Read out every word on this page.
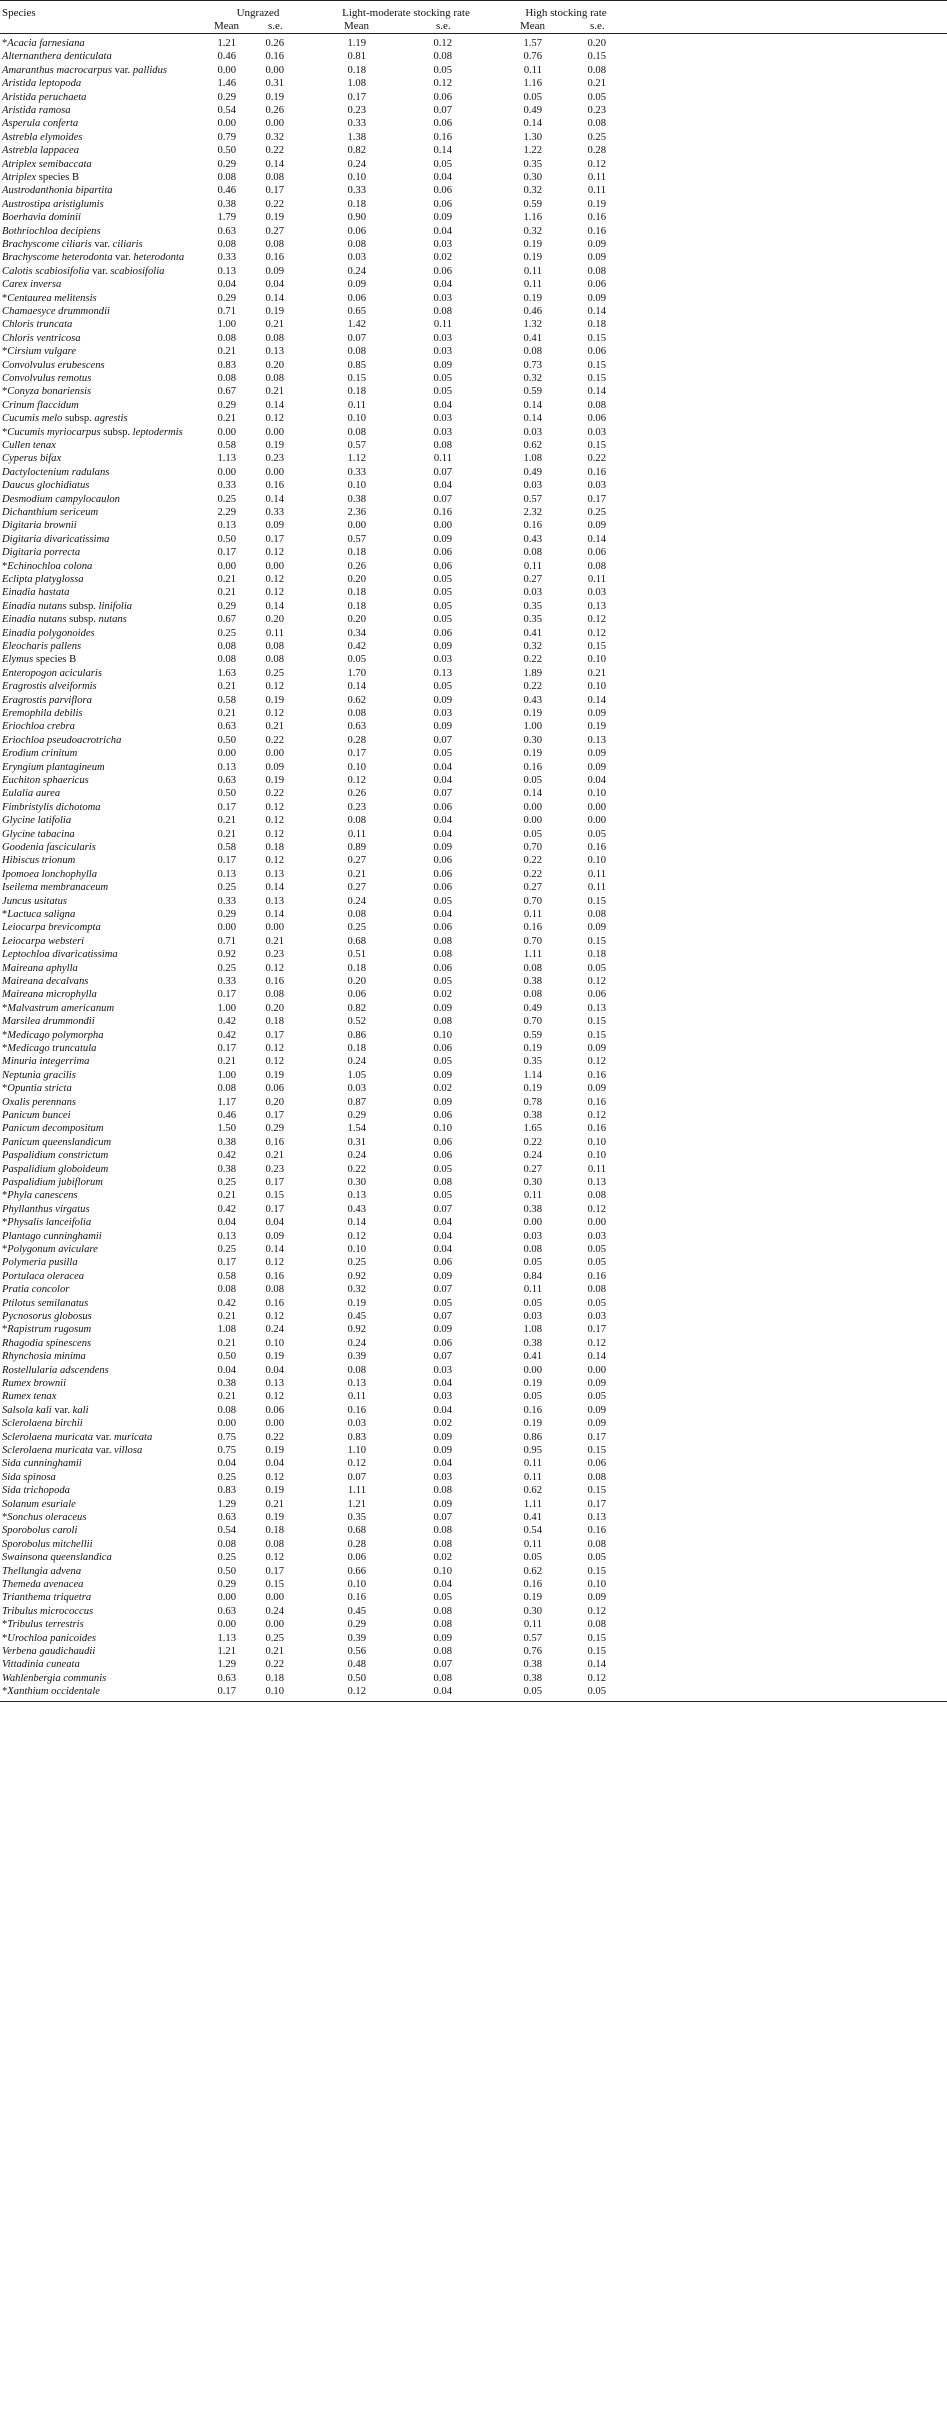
Species	Ungrazed	Light-moderate stocking rate	High stocking rate
Mean	s.e.	Mean	s.e.	Mean	s.e.
*Acacia farnesiana	1.21	0.26	1.19	0.12	1.57	0.20
Alternanthera denticulata	0.46	0.16	0.81	0.08	0.76	0.15
Amaranthus macrocarpus var. pallidus	0.00	0.00	0.18	0.05	0.11	0.08
Aristida leptopoda	1.46	0.31	1.08	0.12	1.16	0.21
Aristida peruchaeta	0.29	0.19	0.17	0.06	0.05	0.05
Aristida ramosa	0.54	0.26	0.23	0.07	0.49	0.23
Asperula conferta	0.00	0.00	0.33	0.06	0.14	0.08
Astrebla elymoides	0.79	0.32	1.38	0.16	1.30	0.25
Astrebla lappacea	0.50	0.22	0.82	0.14	1.22	0.28
Atriplex semibaccata	0.29	0.14	0.24	0.05	0.35	0.12
Atriplex species B	0.08	0.08	0.10	0.04	0.30	0.11
Austrodanthonia bipartita	0.46	0.17	0.33	0.06	0.32	0.11
Austrostipa aristiglumis	0.38	0.22	0.18	0.06	0.59	0.19
Boerhavia dominii	1.79	0.19	0.90	0.09	1.16	0.16
Bothriochloa decipiens	0.63	0.27	0.06	0.04	0.32	0.16
Brachyscome ciliaris var. ciliaris	0.08	0.08	0.08	0.03	0.19	0.09
Brachyscome heterodonta var. heterodonta	0.33	0.16	0.03	0.02	0.19	0.09
Calotis scabiosifolia var. scabiosifolia	0.13	0.09	0.24	0.06	0.11	0.08
Carex inversa	0.04	0.04	0.09	0.04	0.11	0.06
*Centaurea melitensis	0.29	0.14	0.06	0.03	0.19	0.09
Chamaesyce drummondii	0.71	0.19	0.65	0.08	0.46	0.14
Chloris truncata	1.00	0.21	1.42	0.11	1.32	0.18
Chloris ventricosa	0.08	0.08	0.07	0.03	0.41	0.15
*Cirsium vulgare	0.21	0.13	0.08	0.03	0.08	0.06
Convolvulus erubescens	0.83	0.20	0.85	0.09	0.73	0.15
Convolvulus remotus	0.08	0.08	0.15	0.05	0.32	0.15
*Conyza bonariensis	0.67	0.21	0.18	0.05	0.59	0.14
Crinum flaccidum	0.29	0.14	0.11	0.04	0.14	0.08
Cucumis melo subsp. agrestis	0.21	0.12	0.10	0.03	0.14	0.06
*Cucumis myriocarpus subsp. leptodermis	0.00	0.00	0.08	0.03	0.03	0.03
Cullen tenax	0.58	0.19	0.57	0.08	0.62	0.15
Cyperus bifax	1.13	0.23	1.12	0.11	1.08	0.22
Dactyloctenium radulans	0.00	0.00	0.33	0.07	0.49	0.16
Daucus glochidiatus	0.33	0.16	0.10	0.04	0.03	0.03
Desmodium campylocaulon	0.25	0.14	0.38	0.07	0.57	0.17
Dichanthium sericeum	2.29	0.33	2.36	0.16	2.32	0.25
Digitaria brownii	0.13	0.09	0.00	0.00	0.16	0.09
Digitaria divaricatissima	0.50	0.17	0.57	0.09	0.43	0.14
Digitaria porrecta	0.17	0.12	0.18	0.06	0.08	0.06
*Echinochloa colona	0.00	0.00	0.26	0.06	0.11	0.08
Eclipta platyglossa	0.21	0.12	0.20	0.05	0.27	0.11
Einadia hastata	0.21	0.12	0.18	0.05	0.03	0.03
Einadia nutans subsp. linifolia	0.29	0.14	0.18	0.05	0.35	0.13
Einadia nutans subsp. nutans	0.67	0.20	0.20	0.05	0.35	0.12
Einadia polygonoides	0.25	0.11	0.34	0.06	0.41	0.12
Eleocharis pallens	0.08	0.08	0.42	0.09	0.32	0.15
Elymus species B	0.08	0.08	0.05	0.03	0.22	0.10
Enteropogon acicularis	1.63	0.25	1.70	0.13	1.89	0.21
Eragrostis alveiformis	0.21	0.12	0.14	0.05	0.22	0.10
Eragrostis parviflora	0.58	0.19	0.62	0.09	0.43	0.14
Eremophila debilis	0.21	0.12	0.08	0.03	0.19	0.09
Eriochloa crebra	0.63	0.21	0.63	0.09	1.00	0.19
Eriochloa pseudoacrotricha	0.50	0.22	0.28	0.07	0.30	0.13
Erodium crinitum	0.00	0.00	0.17	0.05	0.19	0.09
Eryngium plantagineum	0.13	0.09	0.10	0.04	0.16	0.09
Euchiton sphaericus	0.63	0.19	0.12	0.04	0.05	0.04
Eulalia aurea	0.50	0.22	0.26	0.07	0.14	0.10
Fimbristylis dichotoma	0.17	0.12	0.23	0.06	0.00	0.00
Glycine latifolia	0.21	0.12	0.08	0.04	0.00	0.00
Glycine tabacina	0.21	0.12	0.11	0.04	0.05	0.05
Goodenia fascicularis	0.58	0.18	0.89	0.09	0.70	0.16
Hibiscus trionum	0.17	0.12	0.27	0.06	0.22	0.10
Ipomoea lonchophylla	0.13	0.13	0.21	0.06	0.22	0.11
Iseilema membranaceum	0.25	0.14	0.27	0.06	0.27	0.11
Juncus usitatus	0.33	0.13	0.24	0.05	0.70	0.15
*Lactuca saligna	0.29	0.14	0.08	0.04	0.11	0.08
Leiocarpa brevicompta	0.00	0.00	0.25	0.06	0.16	0.09
Leiocarpa websteri	0.71	0.21	0.68	0.08	0.70	0.15
Leptochloa divaricatissima	0.92	0.23	0.51	0.08	1.11	0.18
Maireana aphylla	0.25	0.12	0.18	0.06	0.08	0.05
Maireana decalvans	0.33	0.16	0.20	0.05	0.38	0.12
Maireana microphylla	0.17	0.08	0.06	0.02	0.08	0.06
*Malvastrum americanum	1.00	0.20	0.82	0.09	0.49	0.13
Marsilea drummondii	0.42	0.18	0.52	0.08	0.70	0.15
*Medicago polymorpha	0.42	0.17	0.86	0.10	0.59	0.15
*Medicago truncatula	0.17	0.12	0.18	0.06	0.19	0.09
Minuria integerrima	0.21	0.12	0.24	0.05	0.35	0.12
Neptunia gracilis	1.00	0.19	1.05	0.09	1.14	0.16
*Opuntia stricta	0.08	0.06	0.03	0.02	0.19	0.09
Oxalis perennans	1.17	0.20	0.87	0.09	0.78	0.16
Panicum buncei	0.46	0.17	0.29	0.06	0.38	0.12
Panicum decompositum	1.50	0.29	1.54	0.10	1.65	0.16
Panicum queenslandicum	0.38	0.16	0.31	0.06	0.22	0.10
Paspalidium constrictum	0.42	0.21	0.24	0.06	0.24	0.10
Paspalidium globoideum	0.38	0.23	0.22	0.05	0.27	0.11
Paspalidium jubiflorum	0.25	0.17	0.30	0.08	0.30	0.13
*Phyla canescens	0.21	0.15	0.13	0.05	0.11	0.08
Phyllanthus virgatus	0.42	0.17	0.43	0.07	0.38	0.12
*Physalis lanceifolia	0.04	0.04	0.14	0.04	0.00	0.00
Plantago cunninghamii	0.13	0.09	0.12	0.04	0.03	0.03
*Polygonum aviculare	0.25	0.14	0.10	0.04	0.08	0.05
Polymeria pusilla	0.17	0.12	0.25	0.06	0.05	0.05
Portulaca oleracea	0.58	0.16	0.92	0.09	0.84	0.16
Pratia concolor	0.08	0.08	0.32	0.07	0.11	0.08
Ptilotus semilanatus	0.42	0.16	0.19	0.05	0.05	0.05
Pycnosorus globosus	0.21	0.12	0.45	0.07	0.03	0.03
*Rapistrum rugosum	1.08	0.24	0.92	0.09	1.08	0.17
Rhagodia spinescens	0.21	0.10	0.24	0.06	0.38	0.12
Rhynchosia minima	0.50	0.19	0.39	0.07	0.41	0.14
Rostellularia adscendens	0.04	0.04	0.08	0.03	0.00	0.00
Rumex brownii	0.38	0.13	0.13	0.04	0.19	0.09
Rumex tenax	0.21	0.12	0.11	0.03	0.05	0.05
Salsola kali var. kali	0.08	0.06	0.16	0.04	0.16	0.09
Sclerolaena birchii	0.00	0.00	0.03	0.02	0.19	0.09
Sclerolaena muricata var. muricata	0.75	0.22	0.83	0.09	0.86	0.17
Sclerolaena muricata var. villosa	0.75	0.19	1.10	0.09	0.95	0.15
Sida cunninghamii	0.04	0.04	0.12	0.04	0.11	0.06
Sida spinosa	0.25	0.12	0.07	0.03	0.11	0.08
Sida trichopoda	0.83	0.19	1.11	0.08	0.62	0.15
Solanum esuriale	1.29	0.21	1.21	0.09	1.11	0.17
*Sonchus oleraceus	0.63	0.19	0.35	0.07	0.41	0.13
Sporobolus caroli	0.54	0.18	0.68	0.08	0.54	0.16
Sporobolus mitchellii	0.08	0.08	0.28	0.08	0.11	0.08
Swainsona queenslandica	0.25	0.12	0.06	0.02	0.05	0.05
Thellungia advena	0.50	0.17	0.66	0.10	0.62	0.15
Themeda avenacea	0.29	0.15	0.10	0.04	0.16	0.10
Trianthema triquetra	0.00	0.00	0.16	0.05	0.19	0.09
Tribulus micrococcus	0.63	0.24	0.45	0.08	0.30	0.12
*Tribulus terrestris	0.00	0.00	0.29	0.08	0.11	0.08
*Urochloa panicoides	1.13	0.25	0.39	0.09	0.57	0.15
Verbena gaudichaudii	1.21	0.21	0.56	0.08	0.76	0.15
Vittadinia cuneata	1.29	0.22	0.48	0.07	0.38	0.14
Wahlenbergia communis	0.63	0.18	0.50	0.08	0.38	0.12
*Xanthium occidentale	0.17	0.10	0.12	0.04	0.05	0.05
